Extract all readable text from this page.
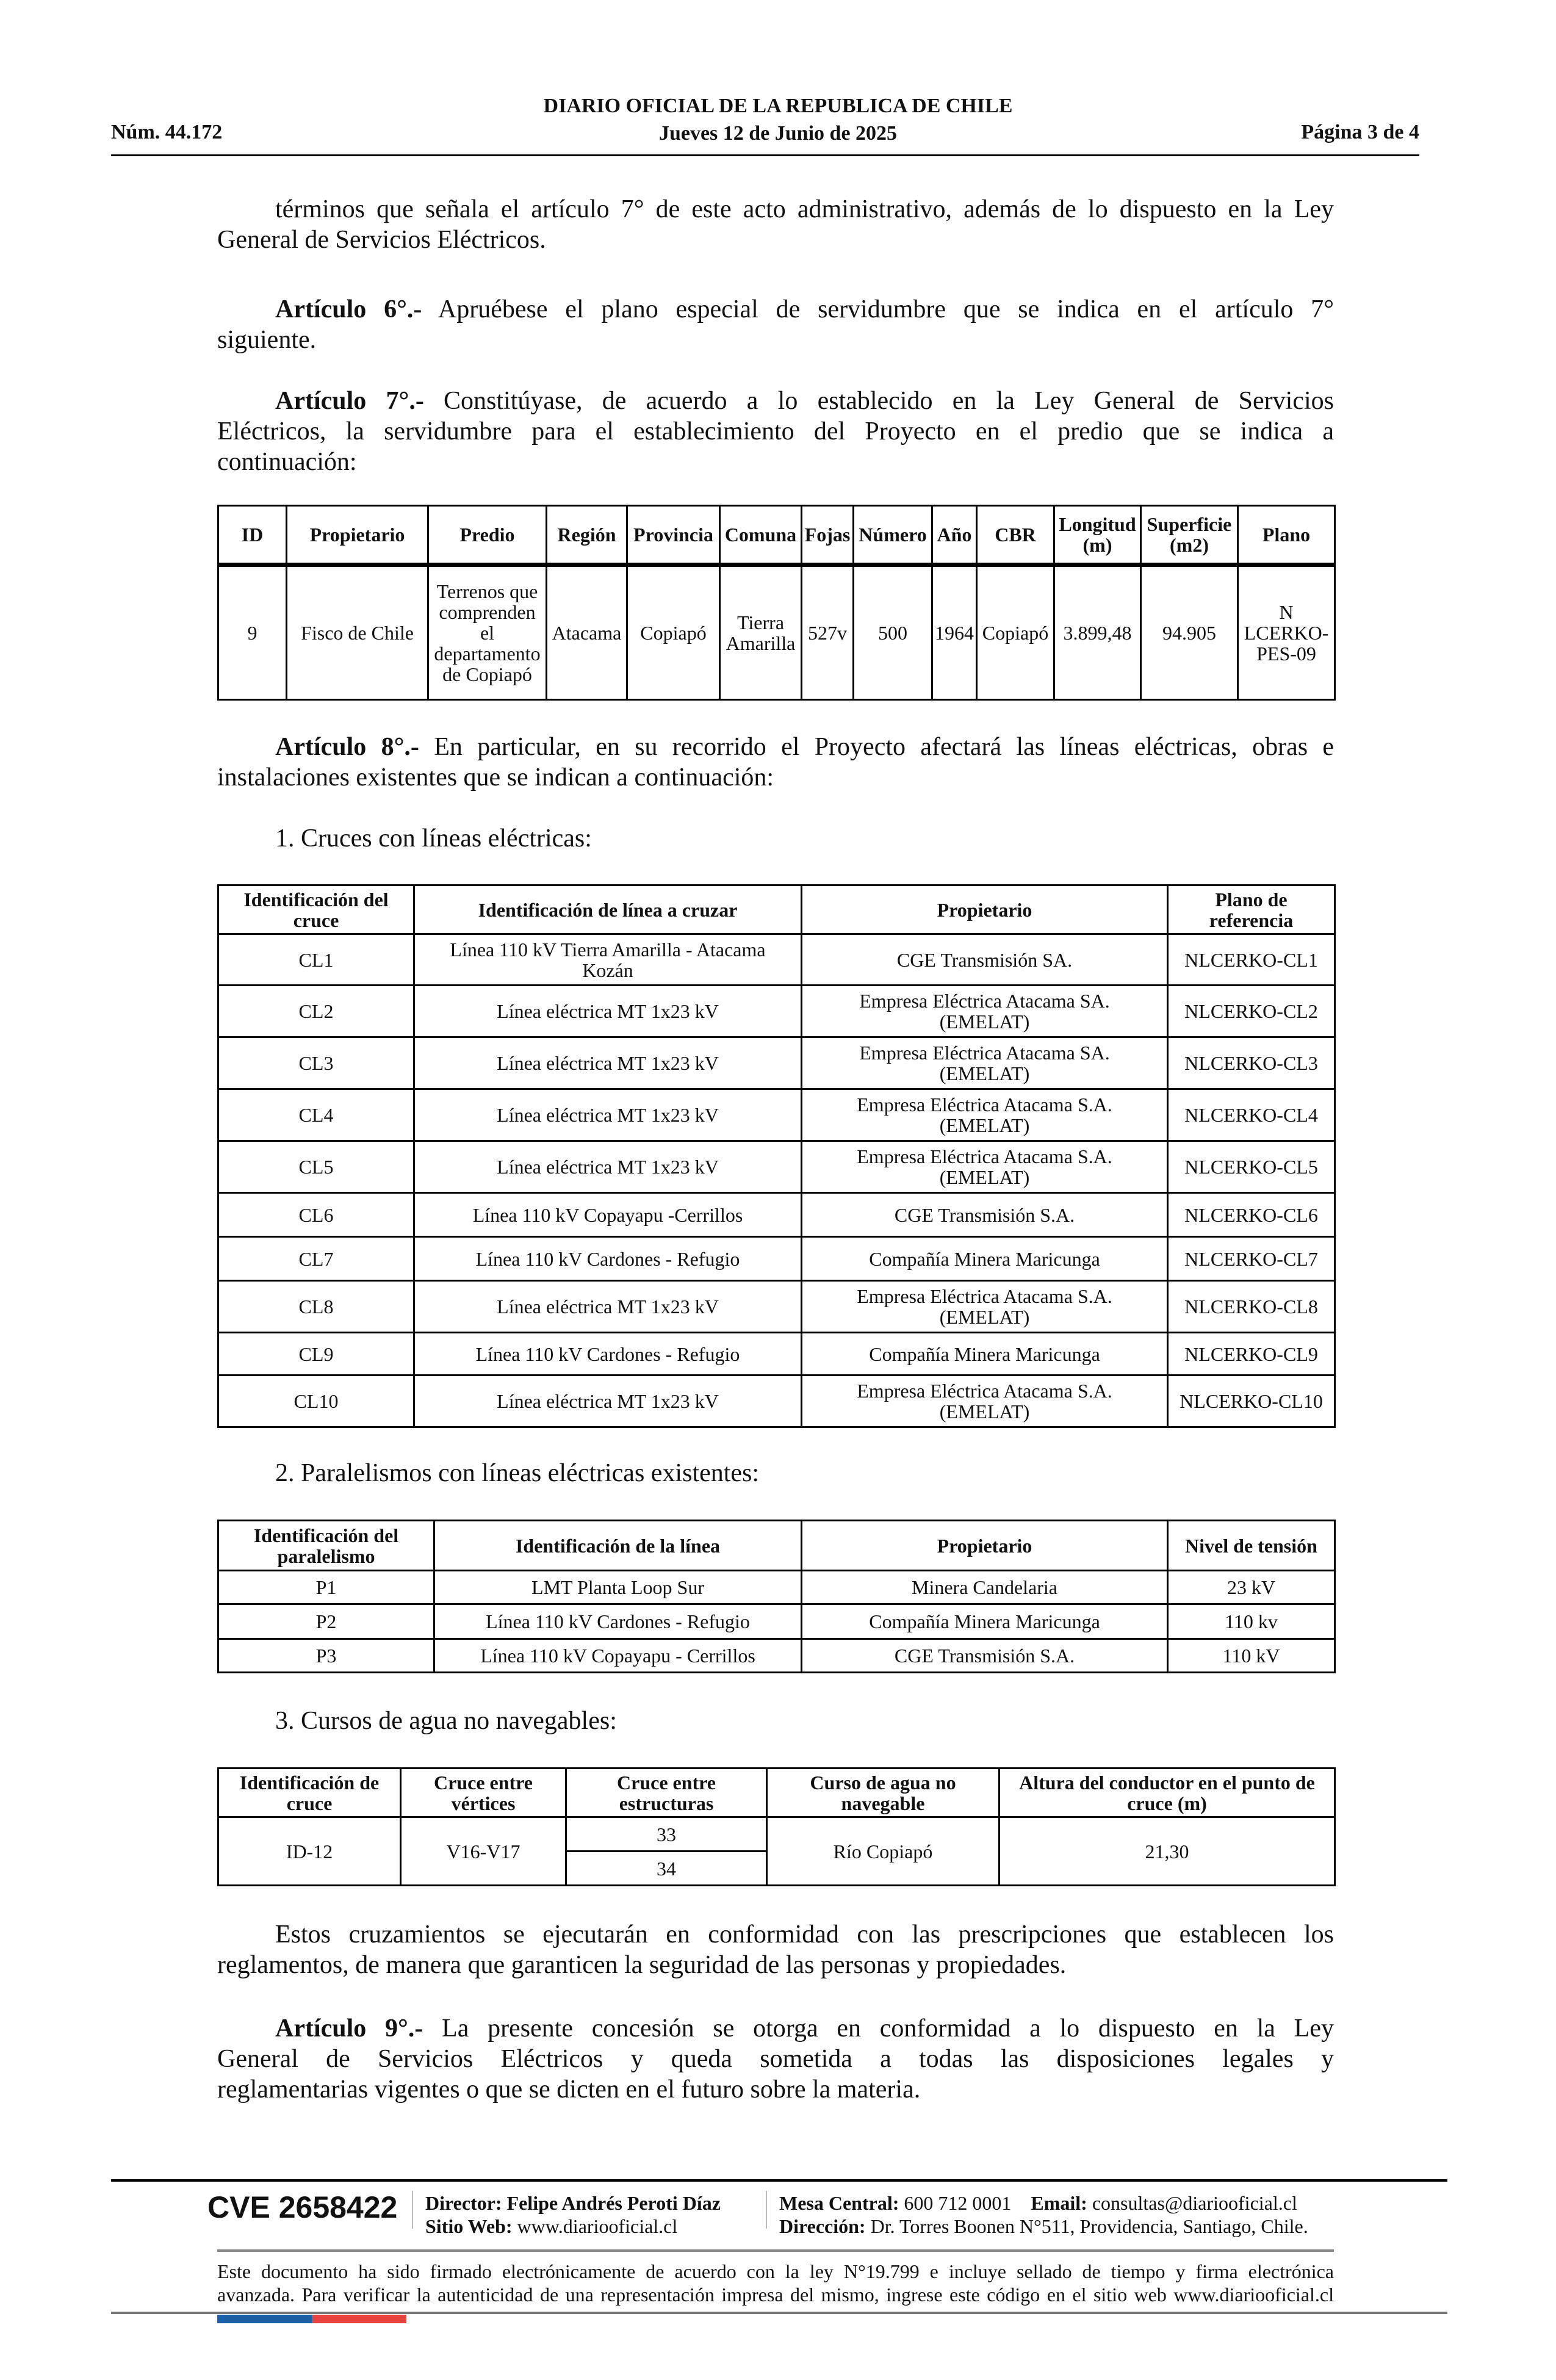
Núm. 44.172
DIARIO OFICIAL DE LA REPUBLICA DE CHILE
Jueves 12 de Junio de 2025	Página 3 de 4
términos que señala el artículo 7° de este acto administrativo, además de lo dispuesto en la Ley
General de Servicios Eléctricos.
Artículo 6°.- Apruébese el plano especial de servidumbre que se indica en el artículo 7°
siguiente.
Artículo 7°.- Constitúyase, de acuerdo a lo establecido en la Ley General de Servicios
Eléctricos, la servidumbre para el establecimiento del Proyecto en el predio que se indica a
continuación:
ID	Propietario	Predio	Región	Provincia	Comuna	Fojas	Número	Año	CBR	Longitud
(m)	Superficie
(m2)	Plano
9	Fisco de Chile	Terrenos que
comprenden
el
departamento
de Copiapó	Atacama	Copiapó	Tierra
Amarilla	527v	500	1964	Copiapó	3.899,48	94.905	N
LCERKO-
PES-09
Artículo 8°.- En particular, en su recorrido el Proyecto afectará las líneas eléctricas, obras e
instalaciones existentes que se indican a continuación:
1. Cruces con líneas eléctricas:
Identificación del
cruce	Identificación de línea a cruzar	Propietario	Plano de
referencia
CL1	Línea 110 kV Tierra Amarilla - Atacama
Kozán	CGE Transmisión SA.	NLCERKO-CL1
CL2	Línea eléctrica MT 1x23 kV	Empresa Eléctrica Atacama SA.
(EMELAT)	NLCERKO-CL2
CL3	Línea eléctrica MT 1x23 kV	Empresa Eléctrica Atacama SA.
(EMELAT)	NLCERKO-CL3
CL4	Línea eléctrica MT 1x23 kV	Empresa Eléctrica Atacama S.A.
(EMELAT)	NLCERKO-CL4
CL5	Línea eléctrica MT 1x23 kV	Empresa Eléctrica Atacama S.A.
(EMELAT)	NLCERKO-CL5
CL6	Línea 110 kV Copayapu -Cerrillos	CGE Transmisión S.A.	NLCERKO-CL6
CL7	Línea 110 kV Cardones - Refugio	Compañía Minera Maricunga	NLCERKO-CL7
CL8	Línea eléctrica MT 1x23 kV	Empresa Eléctrica Atacama S.A.
(EMELAT)	NLCERKO-CL8
CL9	Línea 110 kV Cardones - Refugio	Compañía Minera Maricunga	NLCERKO-CL9
CL10	Línea eléctrica MT 1x23 kV	Empresa Eléctrica Atacama S.A.
(EMELAT)	NLCERKO-CL10
2. Paralelismos con líneas eléctricas existentes:
Identificación del
paralelismo	Identificación de la línea	Propietario	Nivel de tensión
P1	LMT Planta Loop Sur	Minera Candelaria	23 kV
P2	Línea 110 kV Cardones - Refugio	Compañía Minera Maricunga	110 kv
P3	Línea 110 kV Copayapu - Cerrillos	CGE Transmisión S.A.	110 kV
3. Cursos de agua no navegables:
Identificación de
cruce	Cruce entre
vértices	Cruce entre
estructuras	Curso de agua no
navegable	Altura del conductor en el punto de
cruce (m)
ID-12	V16-V17	33	Río Copiapó	21,30
		34		
Estos cruzamientos se ejecutarán en conformidad con las prescripciones que establecen los
reglamentos, de manera que garanticen la seguridad de las personas y propiedades.
Artículo 9°.- La presente concesión se otorga en conformidad a lo dispuesto en la Ley
General de Servicios Eléctricos y queda sometida a todas las disposiciones legales y
reglamentarias vigentes o que se dicten en el futuro sobre la materia.
CVE 2658422 Director: Felipe Andrés Peroti Díaz
Sitio Web: www.diariooficial.cl
Mesa Central: 600 712 0001 Email: consultas@diariooficial.cl
Dirección: Dr. Torres Boonen N°511, Providencia, Santiago, Chile.
Este documento ha sido firmado electrónicamente de acuerdo con la ley N°19.799 e incluye sellado de tiempo y firma electrónica
avanzada. Para verificar la autenticidad de una representación impresa del mismo, ingrese este código en el sitio web www.diariooficial.cl
